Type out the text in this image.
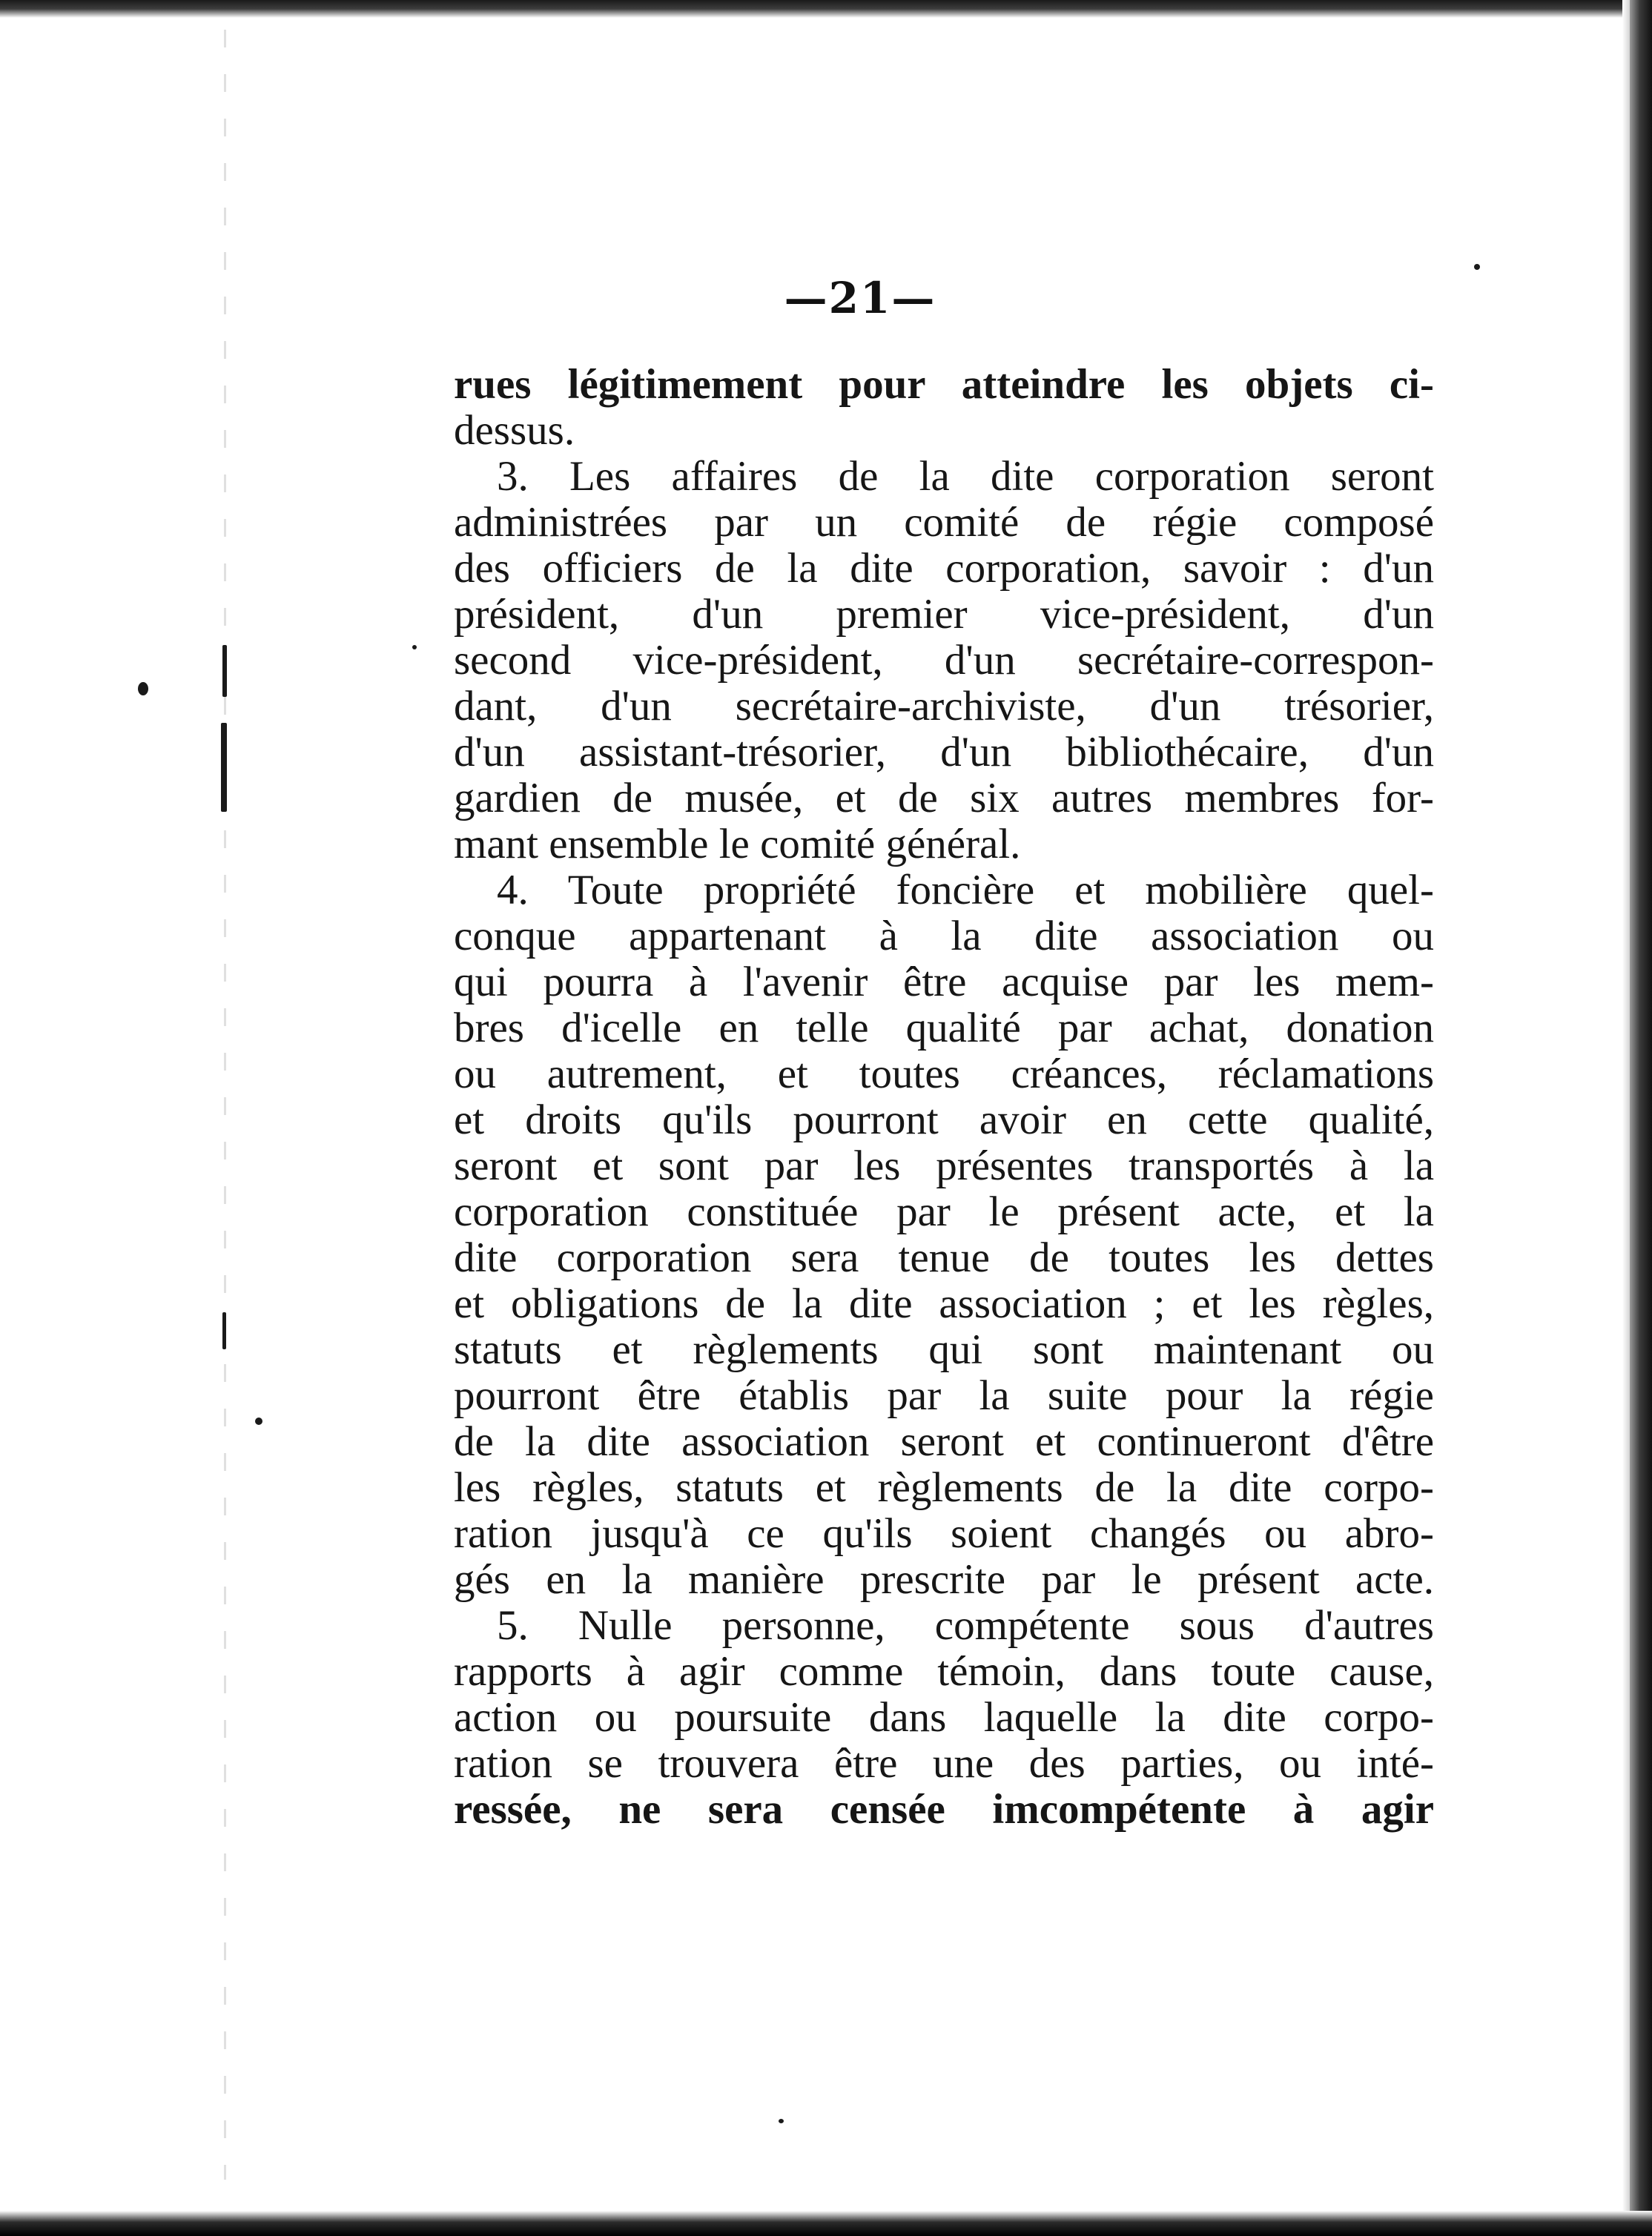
—21—
rues légitimement pour atteindre les objets ci-
dessus.
3. Les affaires de la dite corporation seront
administrées par un comité de régie composé
des officiers de la dite corporation, savoir : d'un
président, d'un premier vice-président, d'un
second vice-président, d'un secrétaire-correspon-
dant, d'un secrétaire-archiviste, d'un trésorier,
d'un assistant-trésorier, d'un bibliothécaire, d'un
gardien de musée, et de six autres membres for-
mant ensemble le comité général.
4. Toute propriété foncière et mobilière quel-
conque appartenant à la dite association ou
qui pourra à l'avenir être acquise par les mem-
bres d'icelle en telle qualité par achat, donation
ou autrement, et toutes créances, réclamations
et droits qu'ils pourront avoir en cette qualité,
seront et sont par les présentes transportés à la
corporation constituée par le présent acte, et la
dite corporation sera tenue de toutes les dettes
et obligations de la dite association ; et les règles,
statuts et règlements qui sont maintenant ou
pourront être établis par la suite pour la régie
de la dite association seront et continueront d'être
les règles, statuts et règlements de la dite corpo-
ration jusqu'à ce qu'ils soient changés ou abro-
gés en la manière prescrite par le présent acte.
5. Nulle personne, compétente sous d'autres
rapports à agir comme témoin, dans toute cause,
action ou poursuite dans laquelle la dite corpo-
ration se trouvera être une des parties, ou inté-
ressée, ne sera censée imcompétente à agir
